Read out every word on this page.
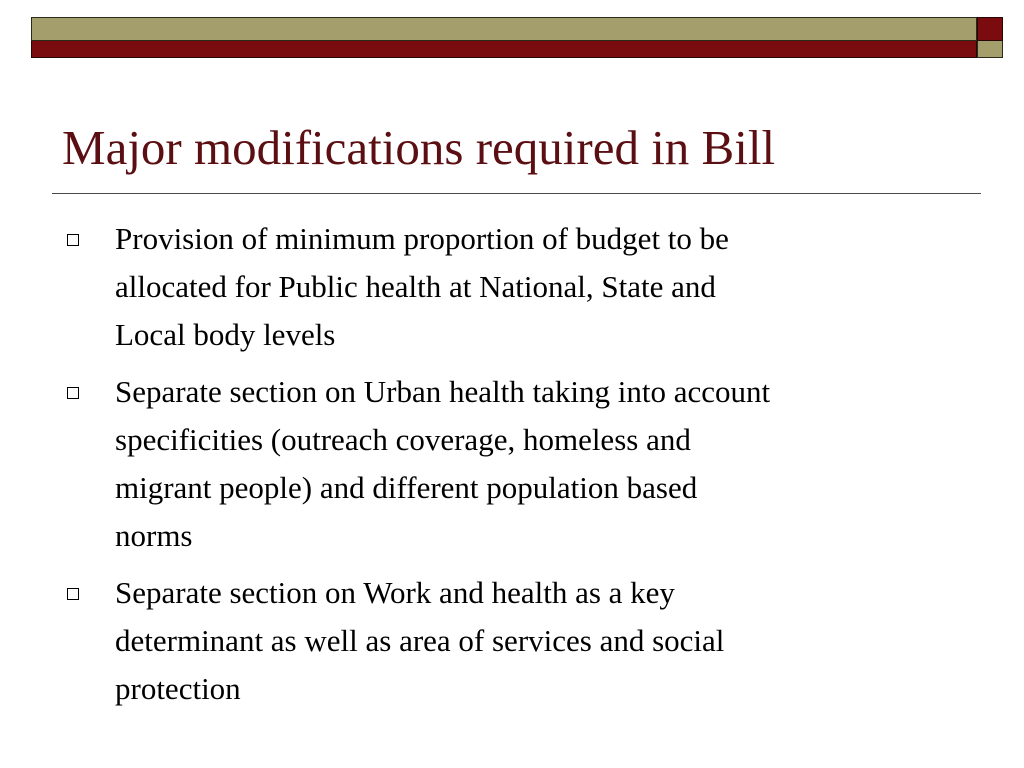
Major modifications required in Bill
Provision of minimum proportion of budget to be
allocated for Public health at National, State and
Local body levels
Separate section on Urban health taking into account
specificities (outreach coverage, homeless and
migrant people) and different population based
norms
Separate section on Work and health as a key
determinant as well as area of services and social
protection
